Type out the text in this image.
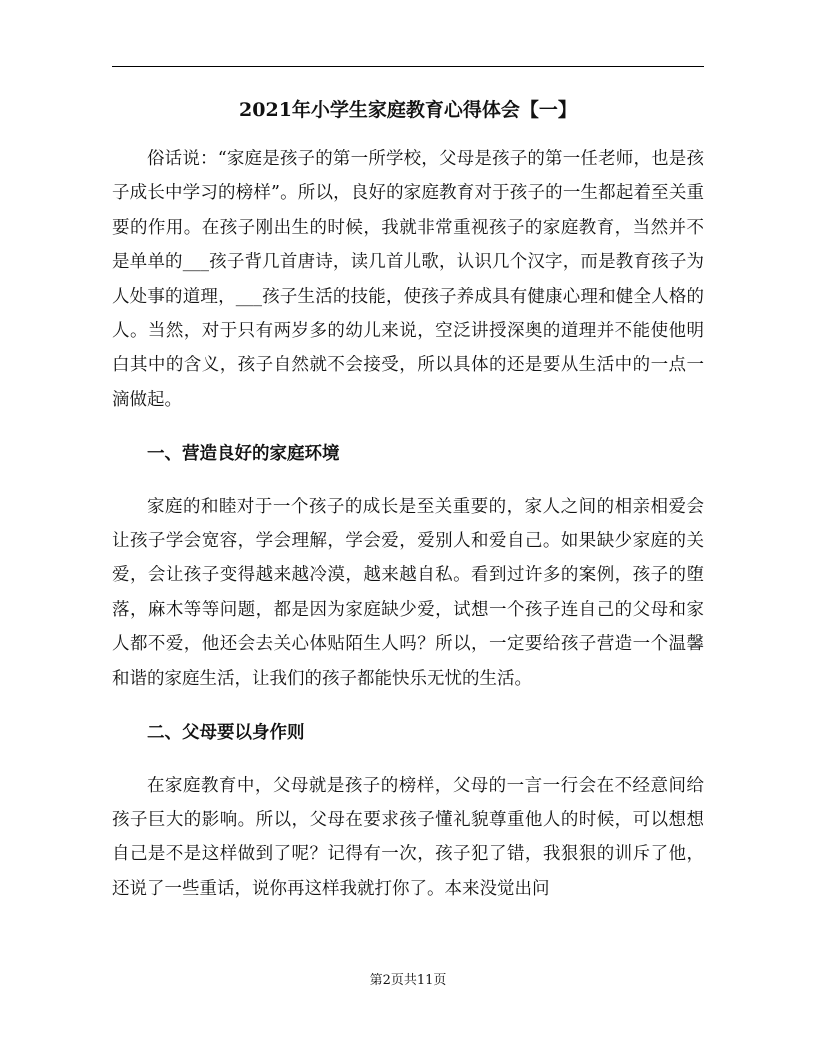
2021年小学生家庭教育心得体会【一】

俗话说：“家庭是孩子的第一所学校，父母是孩子的第一任老师，也是孩子成长中学习的榜样”。所以，良好的家庭教育对于孩子的一生都起着至关重要的作用。在孩子刚出生的时候，我就非常重视孩子的家庭教育，当然并不是单单的___孩子背几首唐诗，读几首儿歌，认识几个汉字，而是教育孩子为人处事的道理，___孩子生活的技能，使孩子养成具有健康心理和健全人格的人。当然，对于只有两岁多的幼儿来说，空泛讲授深奥的道理并不能使他明白其中的含义，孩子自然就不会接受，所以具体的还是要从生活中的一点一滴做起。

一、营造良好的家庭环境

家庭的和睦对于一个孩子的成长是至关重要的，家人之间的相亲相爱会让孩子学会宽容，学会理解，学会爱，爱别人和爱自己。如果缺少家庭的关爱，会让孩子变得越来越冷漠，越来越自私。看到过许多的案例，孩子的堕落，麻木等等问题，都是因为家庭缺少爱，试想一个孩子连自己的父母和家人都不爱，他还会去关心体贴陌生人吗？所以，一定要给孩子营造一个温馨和谐的家庭生活，让我们的孩子都能快乐无忧的生活。

二、父母要以身作则

在家庭教育中，父母就是孩子的榜样，父母的一言一行会在不经意间给孩子巨大的影响。所以，父母在要求孩子懂礼貌尊重他人的时候，可以想想自己是不是这样做到了呢？记得有一次，孩子犯了错，我狠狠的训斥了他，还说了一些重话，说你再这样我就打你了。本来没觉出问

第2页共11页
